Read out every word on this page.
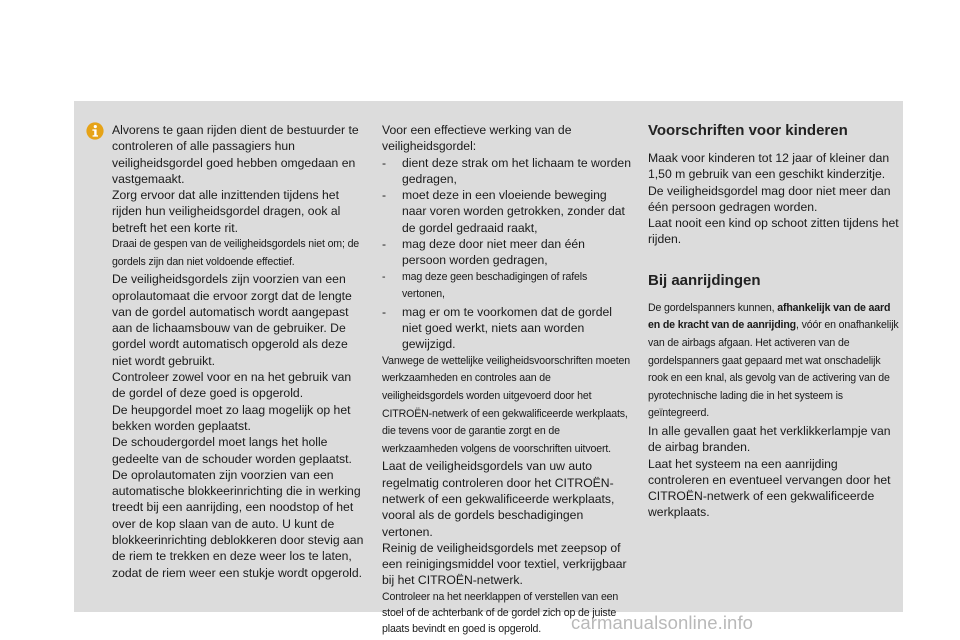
Alvorens te gaan rijden dient de bestuurder te controleren of alle passagiers hun veiligheidsgordel goed hebben omgedaan en vastgemaakt.

Zorg ervoor dat alle inzittenden tijdens het rijden hun veiligheidsgordel dragen, ook al betreft het een korte rit.

Draai de gespen van de veiligheidsgordels niet om; de gordels zijn dan niet voldoende effectief.

De veiligheidsgordels zijn voorzien van een oprolautomaat die ervoor zorgt dat de lengte van de gordel automatisch wordt aangepast aan de lichaamsbouw van de gebruiker. De gordel wordt automatisch opgerold als deze niet wordt gebruikt.

Controleer zowel voor en na het gebruik van de gordel of deze goed is opgerold.

De heupgordel moet zo laag mogelijk op het bekken worden geplaatst.

De schoudergordel moet langs het holle gedeelte van de schouder worden geplaatst.

De oprolautomaten zijn voorzien van een automatische blokkeerinrichting die in werking treedt bij een aanrijding, een noodstop of het over de kop slaan van de auto. U kunt de blokkeerinrichting deblokkeren door stevig aan de riem te trekken en deze weer los te laten, zodat de riem weer een stukje wordt opgerold.

Voor een effectieve werking van de veiligheidsgordel:

- dient deze strak om het lichaam te worden gedragen,

- moet deze in een vloeiende beweging naar voren worden getrokken, zonder dat de gordel gedraaid raakt,

- mag deze door niet meer dan één persoon worden gedragen,

- mag deze geen beschadigingen of rafels vertonen,

- mag er om te voorkomen dat de gordel niet goed werkt, niets aan worden gewijzigd.

Vanwege de wettelijke veiligheidsvoorschriften moeten werkzaamheden en controles aan de veiligheidsgordels worden uitgevoerd door het CITROËN-netwerk of een gekwalificeerde werkplaats, die tevens voor de garantie zorgt en de werkzaamheden volgens de voorschriften uitvoert.

Laat de veiligheidsgordels van uw auto regelmatig controleren door het CITROËN-netwerk of een gekwalificeerde werkplaats, vooral als de gordels beschadigingen vertonen.

Reinig de veiligheidsgordels met zeepsop of een reinigingsmiddel voor textiel, verkrijgbaar bij het CITROËN-netwerk.

Controleer na het neerklappen of verstellen van een stoel of de achterbank of de gordel zich op de juiste plaats bevindt en goed is opgerold.

Voorschriften voor kinderen

Maak voor kinderen tot 12 jaar of kleiner dan 1,50 m gebruik van een geschikt kinderzitje.

De veiligheidsgordel mag door niet meer dan één persoon gedragen worden.

Laat nooit een kind op schoot zitten tijdens het rijden.

Bij aanrijdingen

De gordelspanners kunnen, afhankelijk van de aard en de kracht van de aanrijding, vóór en onafhankelijk van de airbags afgaan. Het activeren van de gordelspanners gaat gepaard met wat onschadelijk rook en een knal, als gevolg van de activering van de pyrotechnische lading die in het systeem is geïntegreerd.

In alle gevallen gaat het verklikkerlampje van de airbag branden.

Laat het systeem na een aanrijding controleren en eventueel vervangen door het CITROËN-netwerk of een gekwalificeerde werkplaats.

carmanualsonline.info
